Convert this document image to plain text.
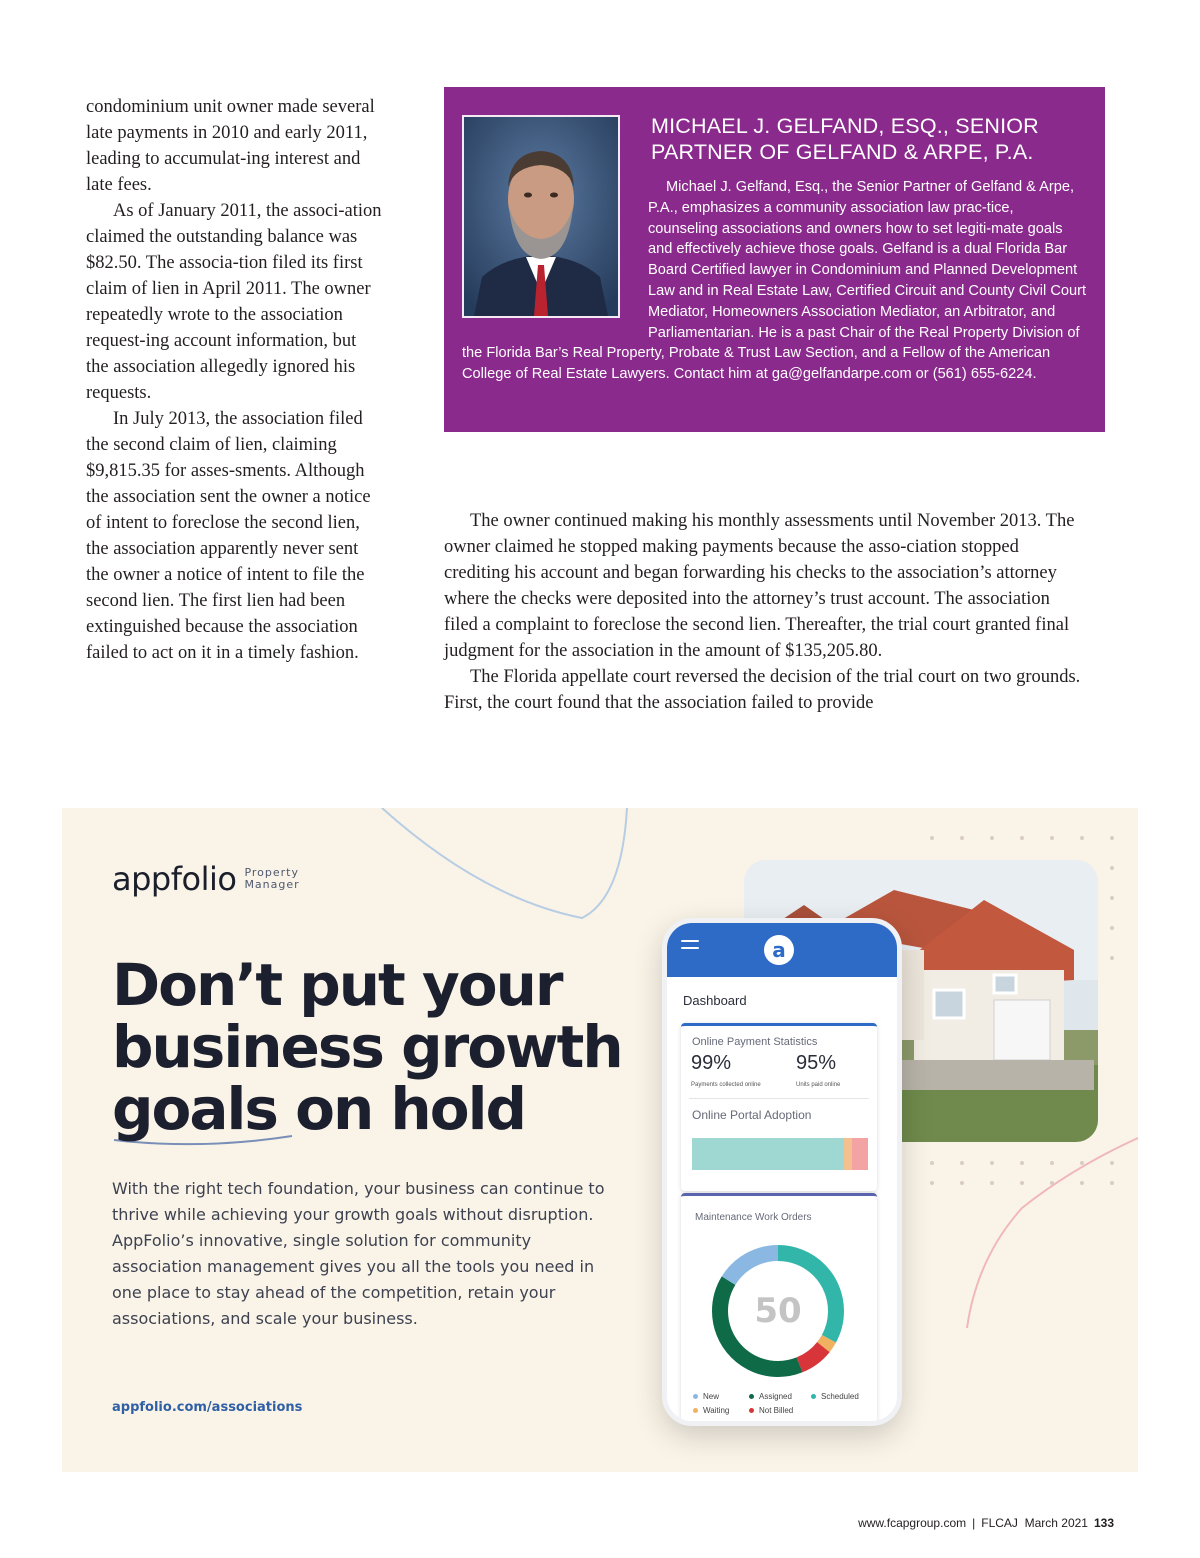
condominium unit owner made several late payments in 2010 and early 2011, leading to accumulat-ing interest and late fees.

As of January 2011, the associ-ation claimed the outstanding balance was $82.50. The associa-tion filed its first claim of lien in April 2011. The owner repeatedly wrote to the association request-ing account information, but the association allegedly ignored his requests.

In July 2013, the association filed the second claim of lien, claiming $9,815.35 for asses-sments. Although the association sent the owner a notice of intent to foreclose the second lien, the association apparently never sent the owner a notice of intent to file the second lien. The first lien had been extinguished because the association failed to act on it in a timely fashion.

MICHAEL J. GELFAND, ESQ., SENIOR
PARTNER OF GELFAND & ARPE, P.A.
Michael J. Gelfand, Esq., the Senior Partner of Gelfand & Arpe, P.A., emphasizes a community association law prac-tice, counseling associations and owners how to set legiti-mate goals and effectively achieve those goals. Gelfand is a dual Florida Bar Board Certified lawyer in Condominium and Planned Development Law and in Real Estate Law, Certified Circuit and County Civil Court Mediator, Homeowners Association Mediator, an Arbitrator, and Parliamentarian. He is a past Chair of the Real Property Division of the Florida Bar’s Real Property, Probate & Trust Law Section, and a Fellow of the American College of Real Estate Lawyers. Contact him at ga@gelfandarpe.com or (561) 655-6224.

The owner continued making his monthly assessments until November 2013. The owner claimed he stopped making payments because the asso-ciation stopped crediting his account and began forwarding his checks to the association’s attorney where the checks were deposited into the attorney’s trust account. The association filed a complaint to foreclose the second lien. Thereafter, the trial court granted final judgment for the association in the amount of $135,205.80.

The Florida appellate court reversed the decision of the trial court on two grounds. First, the court found that the association failed to provide

appfolio Property
Manager
Don’t put your
business growth
goals on hold

With the right tech foundation, your business can continue to thrive while achieving your growth goals without disruption. AppFolio’s innovative, single solution for community association management gives you all the tools you need in one place to stay ahead of the competition, retain your associations, and scale your business.

appfolio.com/associations
a
Dashboard
Online Payment Statistics
99%
Payments collected online
95%
Units paid online
Online Portal Adoption
Maintenance Work Orders
50
New	Assigned	Scheduled
Waiting	Not Billed
www.fcapgroup.com | FLCAJ March 2021 133
